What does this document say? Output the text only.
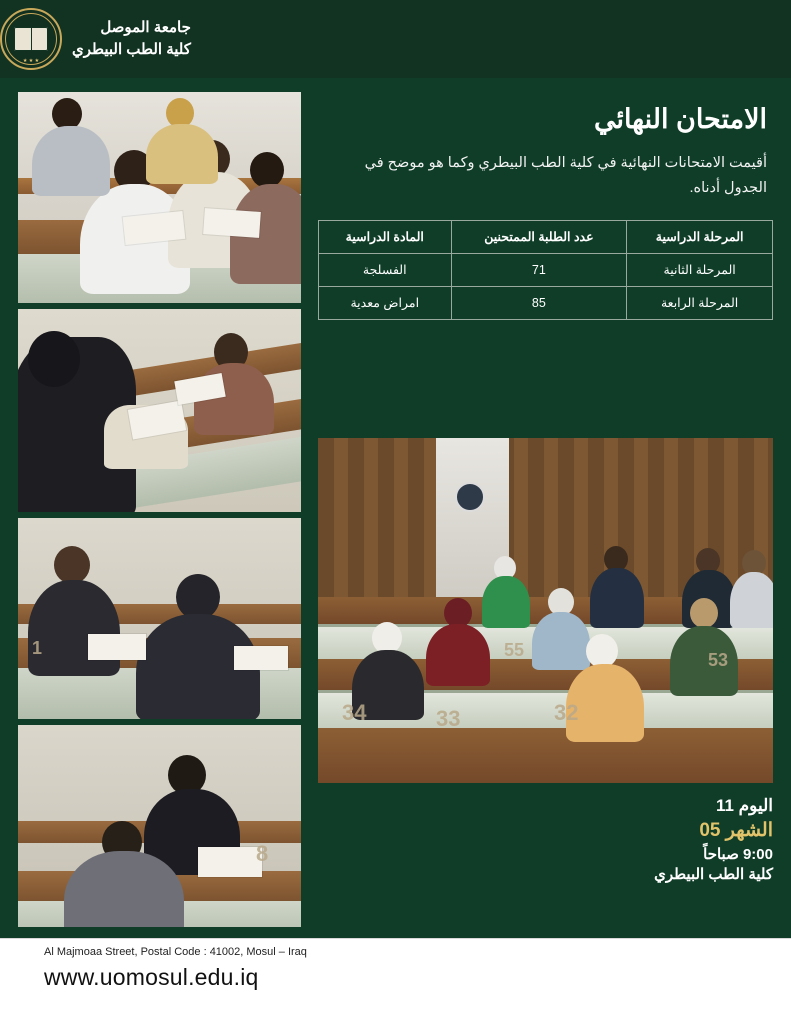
جامعة الموصل
كلية الطب البيطري
★ ★ ★
1
8
الامتحان النهائي
أقيمت الامتحانات النهائية في كلية الطب البيطري وكما هو موضح في الجدول أدناه.
المرحلة الدراسية	عدد الطلبة الممتحنين	المادة الدراسية
المرحلة الثانية	71	الفسلجة
المرحلة الرابعة	85	امراض معدية
34	33	32
55	53
اليوم 11
الشهر 05
9:00 صباحاً
كلية الطب البيطري
Al Majmoaa Street, Postal Code : 41002, Mosul – Iraq
www.uomosul.edu.iq
